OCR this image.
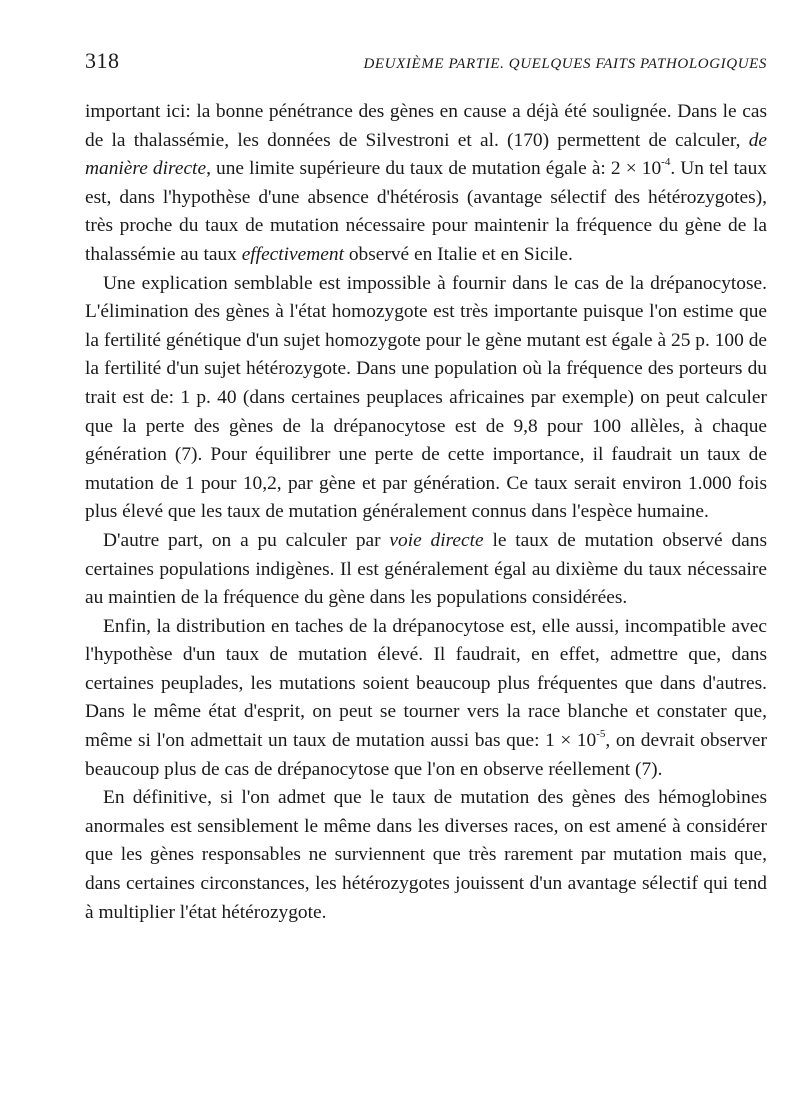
318	DEUXIÈME PARTIE. QUELQUES FAITS PATHOLOGIQUES

important ici: la bonne pénétrance des gènes en cause a déjà été soulignée. Dans le cas de la thalassémie, les données de Silvestroni et al. (170) permettent de calculer, de manière directe, une limite supérieure du taux de mutation égale à: $2 \times 10^{-4}$. Un tel taux est, dans l'hypothèse d'une absence d'hétérosis (avantage sélectif des hétérozygotes), très proche du taux de mutation nécessaire pour maintenir la fréquence du gène de la thalassémie au taux effectivement observé en Italie et en Sicile.

Une explication semblable est impossible à fournir dans le cas de la drépanocytose. L'élimination des gènes à l'état homozygote est très importante puisque l'on estime que la fertilité génétique d'un sujet homozygote pour le gène mutant est égale à 25 p. 100 de la fertilité d'un sujet hétérozygote. Dans une population où la fréquence des porteurs du trait est de: 1 p. 40 (dans certaines peuplaces africaines par exemple) on peut calculer que la perte des gènes de la drépanocytose est de 9,8 pour 100 allèles, à chaque génération (7). Pour équilibrer une perte de cette importance, il faudrait un taux de mutation de 1 pour 10,2, par gène et par génération. Ce taux serait environ 1.000 fois plus élevé que les taux de mutation généralement connus dans l'espèce humaine.

D'autre part, on a pu calculer par voie directe le taux de mutation observé dans certaines populations indigènes. Il est généralement égal au dixième du taux nécessaire au maintien de la fréquence du gène dans les populations considérées.

Enfin, la distribution en taches de la drépanocytose est, elle aussi, incompatible avec l'hypothèse d'un taux de mutation élevé. Il faudrait, en effet, admettre que, dans certaines peuplades, les mutations soient beaucoup plus fréquentes que dans d'autres. Dans le même état d'esprit, on peut se tourner vers la race blanche et constater que, même si l'on admettait un taux de mutation aussi bas que: $1 \times 10^{-5}$, on devrait observer beaucoup plus de cas de drépanocytose que l'on en observe réellement (7).

En définitive, si l'on admet que le taux de mutation des gènes des hémoglobines anormales est sensiblement le même dans les diverses races, on est amené à considérer que les gènes responsables ne surviennent que très rarement par mutation mais que, dans certaines circonstances, les hétérozygotes jouissent d'un avantage sélectif qui tend à multiplier l'état hétérozygote.
